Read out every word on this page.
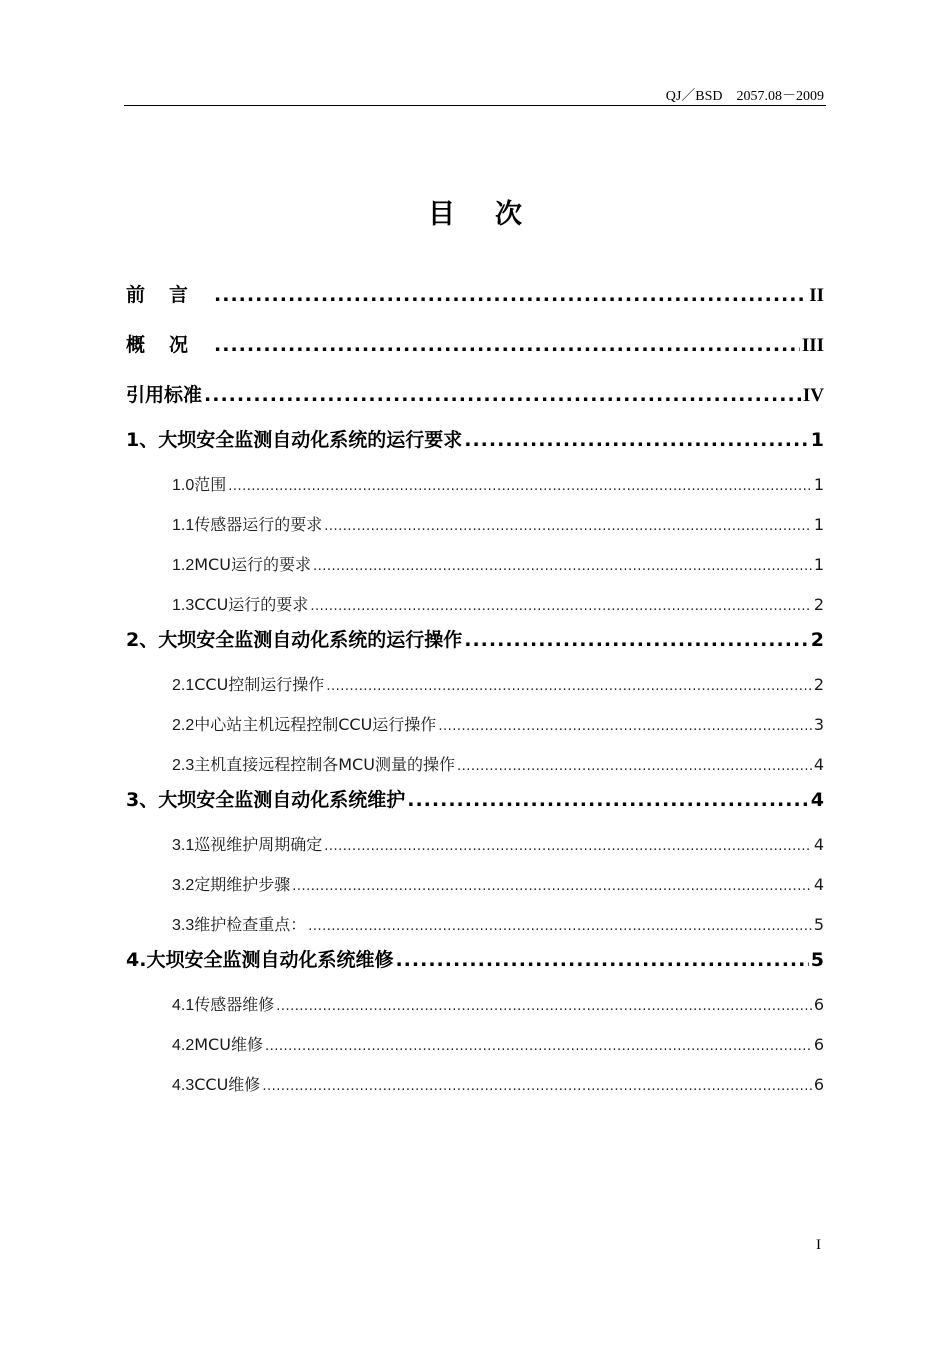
QJ／BSD　2057.08－2009
目次
前言 .....	II
概况 .....	III
引用标准 .....	IV
1、大坝安全监测自动化系统的运行要求 .....	1
1.0 范围 .....	1
1.1 传感器运行的要求 .....	1
1.2 MCU运行的要求 .....	1
1.3 CCU运行的要求 .....	2
2、大坝安全监测自动化系统的运行操作 .....	2
2.1 CCU控制运行操作 .....	2
2.2 中心站主机远程控制CCU运行操作 .....	3
2.3 主机直接远程控制各MCU测量的操作 .....	4
3、大坝安全监测自动化系统维护 .....	4
3.1 巡视维护周期确定 .....	4
3.2 定期维护步骤 .....	4
3.3 维护检查重点： .....	5
4.大坝安全监测自动化系统维修 .....	5
4.1 传感器维修 .....	6
4.2 MCU维修 .....	6
4.3 CCU维修 .....	6
I
